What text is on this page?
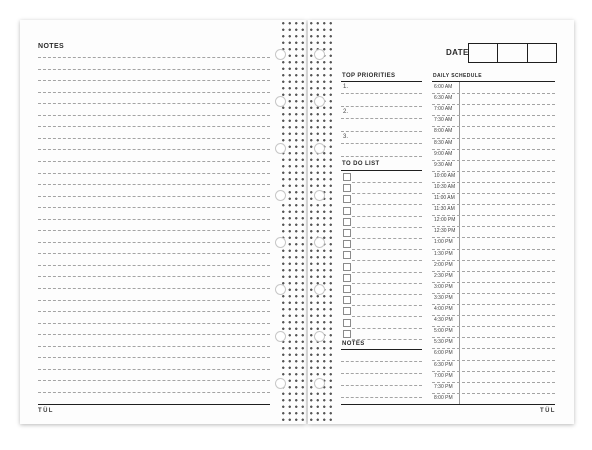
NOTES
TÜL
DATE
TOP PRIORITIES
1.
2.
3.
TO DO LIST
NOTES
DAILY SCHEDULE
6:00 AM
6:30 AM
7:00 AM
7:30 AM
8:00 AM
8:30 AM
9:00 AM
9:30 AM
10:00 AM
10:30 AM
11:00 AM
11:30 AM
12:00 PM
12:30 PM
1:00 PM
1:30 PM
2:00 PM
2:30 PM
3:00 PM
3:30 PM
4:00 PM
4:30 PM
5:00 PM
5:30 PM
6:00 PM
6:30 PM
7:00 PM
7:30 PM
8:00 PM
TÜL
